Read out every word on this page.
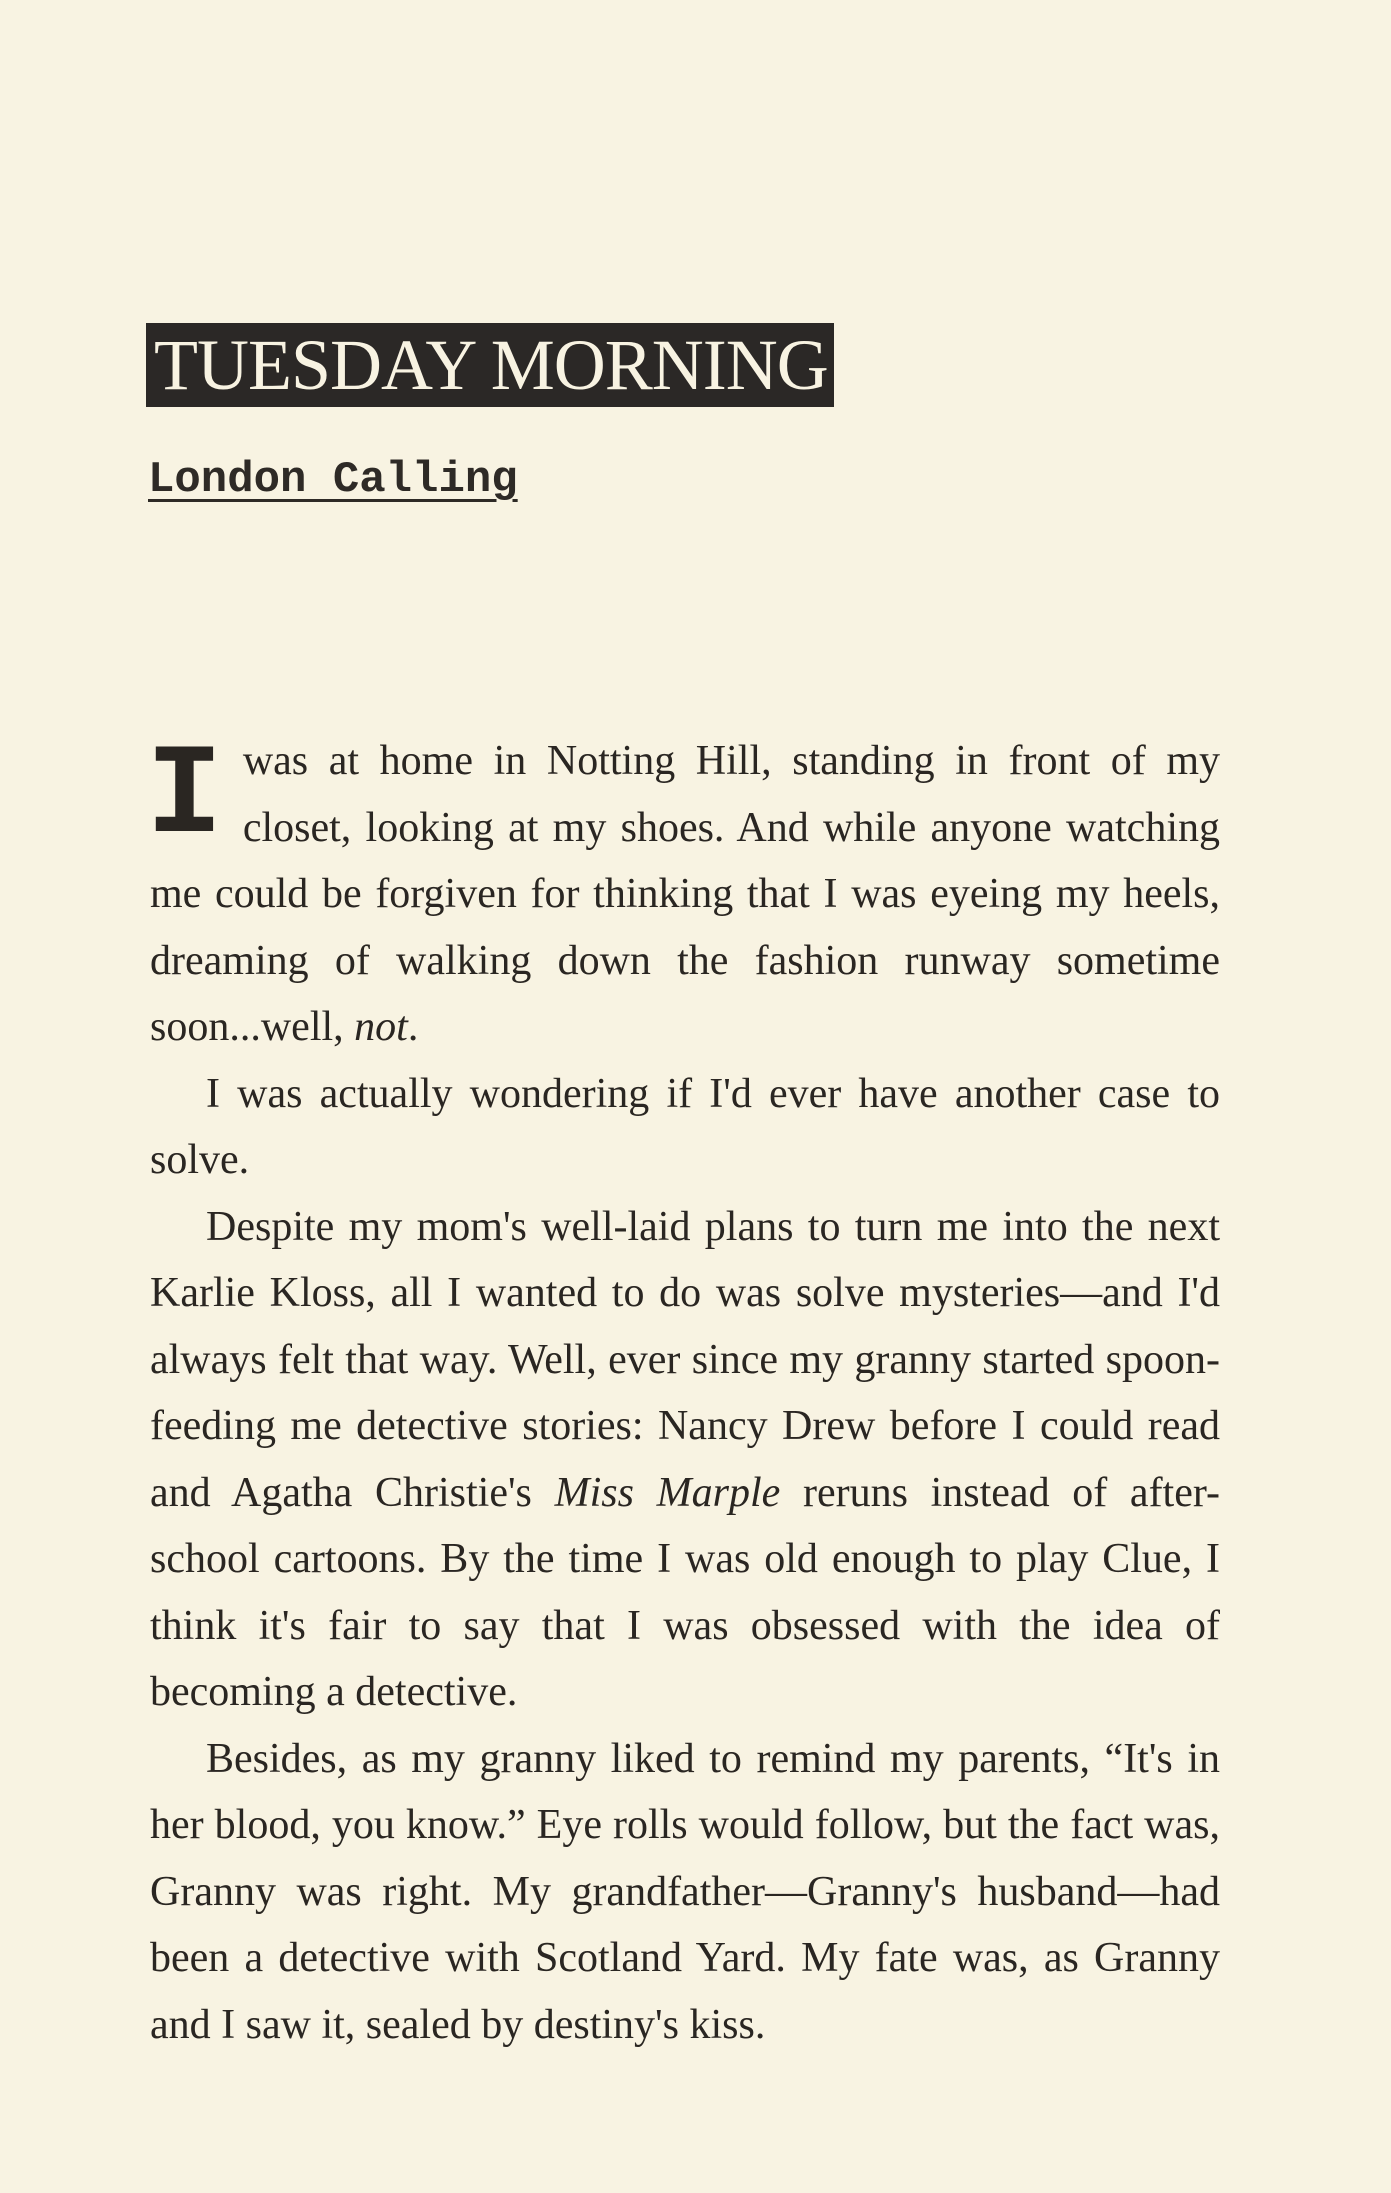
TUESDAY MORNING
London Calling

I was at home in Notting Hill, standing in front of my closet, looking at my shoes. And while anyone watching me could be forgiven for thinking that I was eyeing my heels, dreaming of walking down the fashion runway sometime soon...well, not.

I was actually wondering if I'd ever have another case to solve.

Despite my mom's well-laid plans to turn me into the next Karlie Kloss, all I wanted to do was solve mysteries—and I'd always felt that way. Well, ever since my granny started spoon-feeding me detective stories: Nancy Drew before I could read and Agatha Christie's Miss Marple reruns instead of after-school cartoons. By the time I was old enough to play Clue, I think it's fair to say that I was obsessed with the idea of becoming a detective.

Besides, as my granny liked to remind my parents, “It's in her blood, you know.” Eye rolls would follow, but the fact was, Granny was right. My grandfather—Granny's husband—had been a detective with Scotland Yard. My fate was, as Granny and I saw it, sealed by destiny's kiss.
